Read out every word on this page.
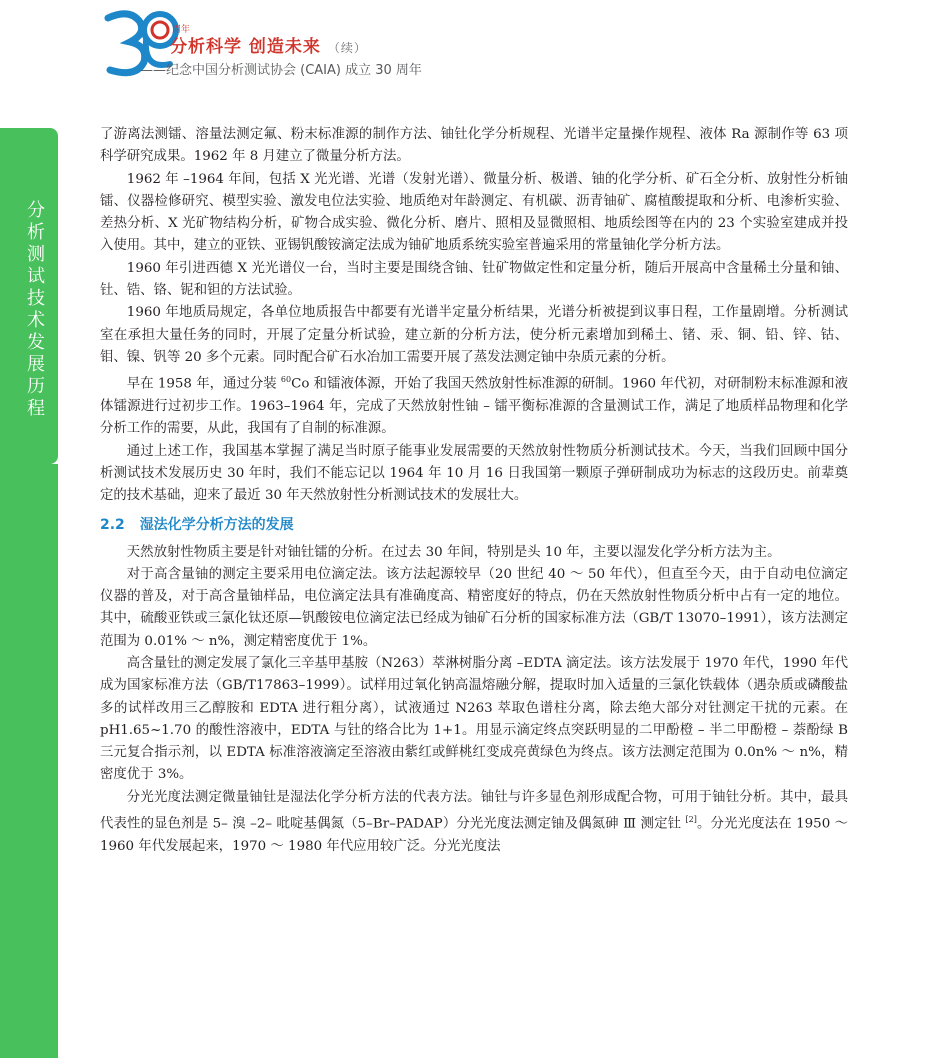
周年
分析科学 创造未来 （续）
——纪念中国分析测试协会 (CAIA) 成立 30 周年
分析测试技术发展历程
266

了游离法测镭、溶量法测定氟、粉末标准源的制作方法、铀钍化学分析规程、光谱半定量操作规程、液体 Ra 源制作等 63 项科学研究成果。1962 年 8 月建立了微量分析方法。

1962 年 –1964 年间，包括 X 光光谱、光谱（发射光谱）、微量分析、极谱、铀的化学分析、矿石全分析、放射性分析铀镭、仪器检修研究、模型实验、激发电位法实验、地质绝对年龄测定、有机碳、沥青铀矿、腐植酸提取和分析、电渗析实验、差热分析、X 光矿物结构分析，矿物合成实验、微化分析、磨片、照相及显微照相、地质绘图等在内的 23 个实验室建成并投入使用。其中，建立的亚铁、亚锡钒酸铵滴定法成为铀矿地质系统实验室普遍采用的常量铀化学分析方法。

1960 年引进西德 X 光光谱仪一台，当时主要是围绕含铀、钍矿物做定性和定量分析，随后开展高中含量稀土分量和铀、钍、锆、铬、铌和钽的方法试验。

1960 年地质局规定，各单位地质报告中都要有光谱半定量分析结果，光谱分析被提到议事日程，工作量剧增。分析测试室在承担大量任务的同时，开展了定量分析试验，建立新的分析方法，使分析元素增加到稀土、锗、汞、铜、铅、锌、钴、钼、镍、钒等 20 多个元素。同时配合矿石水冶加工需要开展了蒸发法测定铀中杂质元素的分析。

早在 1958 年，通过分装 $^{60}$Co 和镭液体源，开始了我国天然放射性标准源的研制。1960 年代初，对研制粉末标准源和液体镭源进行过初步工作。1963–1964 年，完成了天然放射性铀 – 镭平衡标准源的含量测试工作，满足了地质样品物理和化学分析工作的需要，从此，我国有了自制的标准源。

通过上述工作，我国基本掌握了满足当时原子能事业发展需要的天然放射性物质分析测试技术。今天，当我们回顾中国分析测试技术发展历史 30 年时，我们不能忘记以 1964 年 10 月 16 日我国第一颗原子弹研制成功为标志的这段历史。前辈奠定的技术基础，迎来了最近 30 年天然放射性分析测试技术的发展壮大。

2.2 湿法化学分析方法的发展

天然放射性物质主要是针对铀钍镭的分析。在过去 30 年间，特别是头 10 年，主要以湿发化学分析方法为主。

对于高含量铀的测定主要采用电位滴定法。该方法起源较早（20 世纪 40 ～ 50 年代），但直至今天，由于自动电位滴定仪器的普及，对于高含量铀样品，电位滴定法具有准确度高、精密度好的特点，仍在天然放射性物质分析中占有一定的地位。其中，硫酸亚铁或三氯化钛还原—钒酸铵电位滴定法已经成为铀矿石分析的国家标准方法（GB/T 13070–1991），该方法测定范围为 0.01% ～ n%，测定精密度优于 1%。

高含量钍的测定发展了氯化三辛基甲基胺（N263）萃淋树脂分离 –EDTA 滴定法。该方法发展于 1970 年代，1990 年代成为国家标准方法（GB/T17863–1999）。试样用过氧化钠高温熔融分解，提取时加入适量的三氯化铁载体（遇杂质或磷酸盐多的试样改用三乙醇胺和 EDTA 进行粗分离），试液通过 N263 萃取色谱柱分离，除去绝大部分对钍测定干扰的元素。在 pH1.65~1.70 的酸性溶液中，EDTA 与钍的络合比为 1+1。用显示滴定终点突跃明显的二甲酚橙 – 半二甲酚橙 – 萘酚绿 B 三元复合指示剂，以 EDTA 标准溶液滴定至溶液由紫红或鲜桃红变成亮黄绿色为终点。该方法测定范围为 0.0n% ～ n%，精密度优于 3%。

分光光度法测定微量铀钍是湿法化学分析方法的代表方法。铀钍与许多显色剂形成配合物，可用于铀钍分析。其中，最具代表性的显色剂是 5– 溴 –2– 吡啶基偶氮（5–Br–PADAP）分光光度法测定铀及偶氮砷 Ⅲ 测定钍 [2]。分光光度法在 1950 ～ 1960 年代发展起来，1970 ～ 1980 年代应用较广泛。分光光度法
